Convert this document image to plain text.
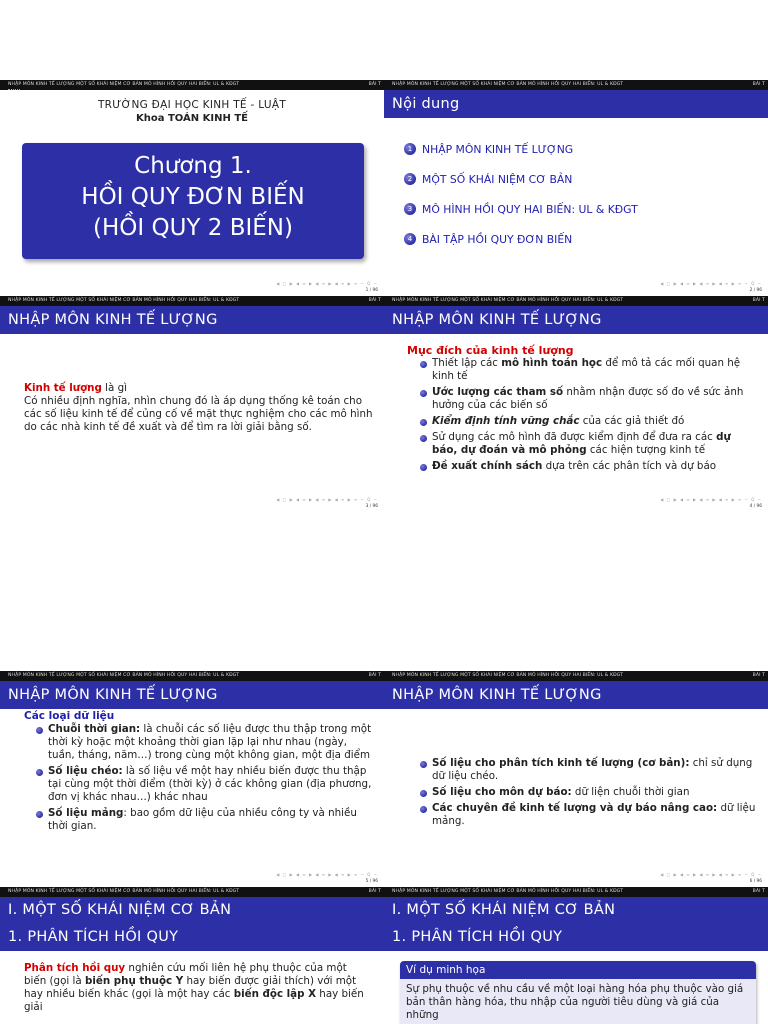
NHẬP MÔN KINH TẾ LƯỢNG MỘT SỐ KHÁI NIỆM CƠ BẢN MÔ HÌNH HỒI QUY HAI BIẾN: UL & KĐGT	BÀI T
TRƯỜNG ĐẠI HỌC KINH TẾ - LUẬT
Khoa TOÁN KINH TẾ
Chương 1.
HỒI QUY ĐƠN BIẾN
(HỒI QUY 2 BIẾN)
◀ ▢ ▶ ◀ ≡ ▶ ◀ ≡ ▶ ◀ ≡ ▶ ≡ ∽ Q ∽
1 / 96
NHẬP MÔN KINH TẾ LƯỢNG MỘT SỐ KHÁI NIỆM CƠ BẢN MÔ HÌNH HỒI QUY HAI BIẾN: UL & KĐGT	BÀI T
Nội dung
1 NHẬP MÔN KINH TẾ LƯỢNG
2 MỘT SỐ KHÁI NIỆM CƠ BẢN
3 MÔ HÌNH HỒI QUY HAI BIẾN: UL & KĐGT
4 BÀI TẬP HỒI QUY ĐƠN BIẾN
◀ ▢ ▶ ◀ ≡ ▶ ◀ ≡ ▶ ◀ ≡ ▶ ≡ ∽ Q ∽
2 / 96
NHẬP MÔN KINH TẾ LƯỢNG MỘT SỐ KHÁI NIỆM CƠ BẢN MÔ HÌNH HỒI QUY HAI BIẾN: UL & KĐGT	BÀI T
NHẬP MÔN KINH TẾ LƯỢNG
Kinh tế lượng là gì
Có nhiều định nghĩa, nhìn chung đó là áp dụng thống kê toán cho các số liệu kinh tế để củng cố về mặt thực nghiệm cho các mô hình do các nhà kinh tế đề xuất và để tìm ra lời giải bằng số.
◀ ▢ ▶ ◀ ≡ ▶ ◀ ≡ ▶ ◀ ≡ ▶ ≡ ∽ Q ∽
3 / 96
NHẬP MÔN KINH TẾ LƯỢNG MỘT SỐ KHÁI NIỆM CƠ BẢN MÔ HÌNH HỒI QUY HAI BIẾN: UL & KĐGT	BÀI T
NHẬP MÔN KINH TẾ LƯỢNG
Mục đích của kinh tế lượng
Thiết lập các mô hình toán học để mô tả các mối quan hệ kinh tế
Ước lượng các tham số nhằm nhận được số đo về sức ảnh hưởng của các biến số
Kiểm định tính vững chắc của các giả thiết đó
Sử dụng các mô hình đã được kiểm định để đưa ra các dự báo, dự đoán và mô phỏng các hiện tượng kinh tế
Đề xuất chính sách dựa trên các phân tích và dự báo
◀ ▢ ▶ ◀ ≡ ▶ ◀ ≡ ▶ ◀ ≡ ▶ ≡ ∽ Q ∽
4 / 96
NHẬP MÔN KINH TẾ LƯỢNG MỘT SỐ KHÁI NIỆM CƠ BẢN MÔ HÌNH HỒI QUY HAI BIẾN: UL & KĐGT	BÀI T
NHẬP MÔN KINH TẾ LƯỢNG
Các loại dữ liệu
Chuỗi thời gian: là chuỗi các số liệu được thu thập trong một thời kỳ hoặc một khoảng thời gian lặp lại như nhau (ngày, tuần, tháng, năm…) trong cùng một không gian, một địa điểm
Số liệu chéo: là số liệu về một hay nhiều biến được thu thập tại cùng một thời điểm (thời kỳ) ở các không gian (địa phương, đơn vị khác nhau…) khác nhau
Số liệu mảng: bao gồm dữ liệu của nhiều công ty và nhiều thời gian.
◀ ▢ ▶ ◀ ≡ ▶ ◀ ≡ ▶ ◀ ≡ ▶ ≡ ∽ Q ∽
5 / 96
NHẬP MÔN KINH TẾ LƯỢNG MỘT SỐ KHÁI NIỆM CƠ BẢN MÔ HÌNH HỒI QUY HAI BIẾN: UL & KĐGT	BÀI T
NHẬP MÔN KINH TẾ LƯỢNG
Số liệu cho phân tích kinh tế lượng (cơ bản): chỉ sử dụng dữ liệu chéo.
Số liệu cho môn dự báo: dữ liện chuỗi thời gian
Các chuyên đề kinh tế lượng và dự báo nâng cao: dữ liệu mảng.
◀ ▢ ▶ ◀ ≡ ▶ ◀ ≡ ▶ ◀ ≡ ▶ ≡ ∽ Q ∽
6 / 96
NHẬP MÔN KINH TẾ LƯỢNG MỘT SỐ KHÁI NIỆM CƠ BẢN MÔ HÌNH HỒI QUY HAI BIẾN: UL & KĐGT	BÀI T
I. MỘT SỐ KHÁI NIỆM CƠ BẢN
1. PHÂN TÍCH HỒI QUY
Phân tích hồi quy nghiên cứu mối liên hệ phụ thuộc của một biến (gọi là biến phụ thuộc Y hay biến được giải thích) với một hay nhiều biến khác (gọi là một hay các biến độc lập X hay biến giải
NHẬP MÔN KINH TẾ LƯỢNG MỘT SỐ KHÁI NIỆM CƠ BẢN MÔ HÌNH HỒI QUY HAI BIẾN: UL & KĐGT	BÀI T
I. MỘT SỐ KHÁI NIỆM CƠ BẢN
1. PHÂN TÍCH HỒI QUY
Ví dụ minh họa
Sự phụ thuộc về nhu cầu về một loại hàng hóa phụ thuộc vào giá bản thân hàng hóa, thu nhập của người tiêu dùng và giá của những
